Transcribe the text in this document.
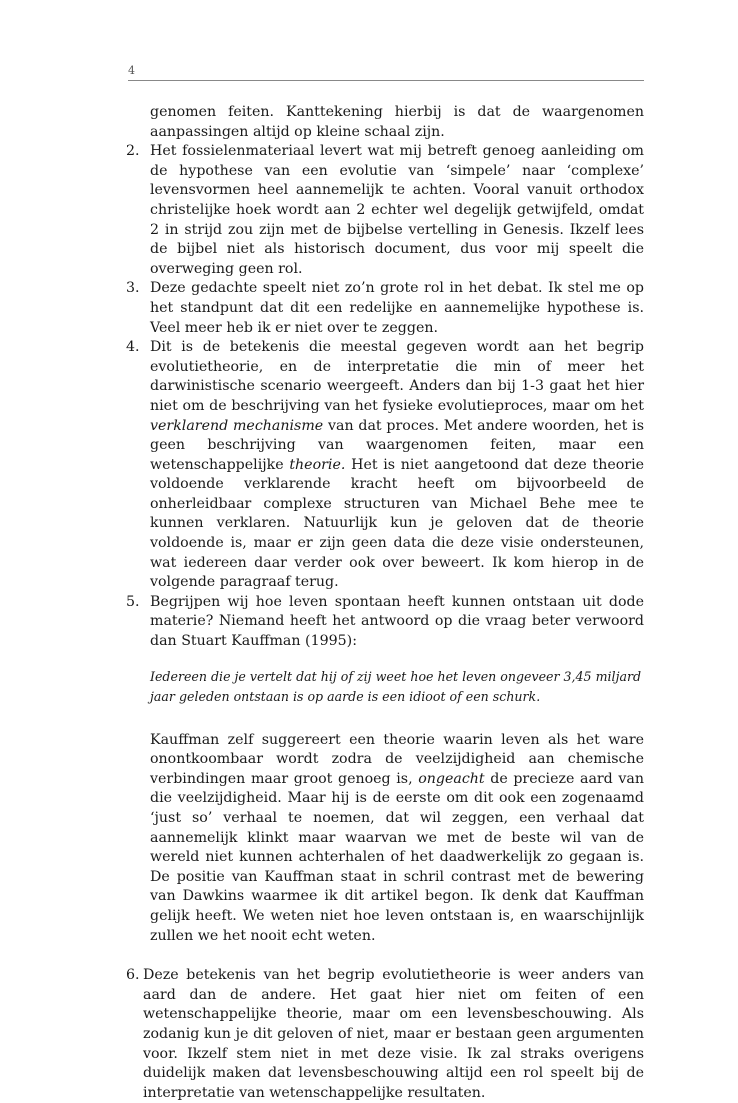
4

genomen feiten. Kanttekening hierbij is dat de waargenomen aanpassingen altijd op kleine schaal zijn.

2. Het fossielenmateriaal levert wat mij betreft genoeg aanleiding om de hypothese van een evolutie van ‘simpele’ naar ‘complexe’ levensvormen heel aannemelijk te achten. Vooral vanuit orthodox christelijke hoek wordt aan 2 echter wel degelijk getwijfeld, omdat 2 in strijd zou zijn met de bijbelse vertelling in Genesis. Ikzelf lees de bijbel niet als historisch document, dus voor mij speelt die overweging geen rol.

3. Deze gedachte speelt niet zo’n grote rol in het debat. Ik stel me op het standpunt dat dit een redelijke en aannemelijke hypothese is. Veel meer heb ik er niet over te zeggen.

4. Dit is de betekenis die meestal gegeven wordt aan het begrip evolutietheorie, en de interpretatie die min of meer het darwinistische scenario weergeeft. Anders dan bij 1-3 gaat het hier niet om de beschrijving van het fysieke evolutieproces, maar om het verklarend mechanisme van dat proces. Met andere woorden, het is geen beschrijving van waargenomen feiten, maar een wetenschappelijke theorie. Het is niet aangetoond dat deze theorie voldoende verklarende kracht heeft om bijvoorbeeld de onherleidbaar complexe structuren van Michael Behe mee te kunnen verklaren. Natuurlijk kun je geloven dat de theorie voldoende is, maar er zijn geen data die deze visie ondersteunen, wat iedereen daar verder ook over beweert. Ik kom hierop in de volgende paragraaf terug.

5. Begrijpen wij hoe leven spontaan heeft kunnen ontstaan uit dode materie? Niemand heeft het antwoord op die vraag beter verwoord dan Stuart Kauffman (1995):

Iedereen die je vertelt dat hij of zij weet hoe het leven ongeveer 3,45 miljard jaar geleden ontstaan is op aarde is een idioot of een schurk.

Kauffman zelf suggereert een theorie waarin leven als het ware onontkoombaar wordt zodra de veelzijdigheid aan chemische verbindingen maar groot genoeg is, ongeacht de precieze aard van die veelzijdigheid. Maar hij is de eerste om dit ook een zogenaamd ‘just so’ verhaal te noemen, dat wil zeggen, een verhaal dat aannemelijk klinkt maar waarvan we met de beste wil van de wereld niet kunnen achterhalen of het daadwerkelijk zo gegaan is. De positie van Kauffman staat in schril contrast met de bewering van Dawkins waarmee ik dit artikel begon. Ik denk dat Kauffman gelijk heeft. We weten niet hoe leven ontstaan is, en waarschijnlijk zullen we het nooit echt weten.

6. Deze betekenis van het begrip evolutietheorie is weer anders van aard dan de andere. Het gaat hier niet om feiten of een wetenschappelijke theorie, maar om een levensbeschouwing. Als zodanig kun je dit geloven of niet, maar er bestaan geen argumenten voor. Ikzelf stem niet in met deze visie. Ik zal straks overigens duidelijk maken dat levensbeschouwing altijd een rol speelt bij de interpretatie van wetenschappelijke resultaten.
